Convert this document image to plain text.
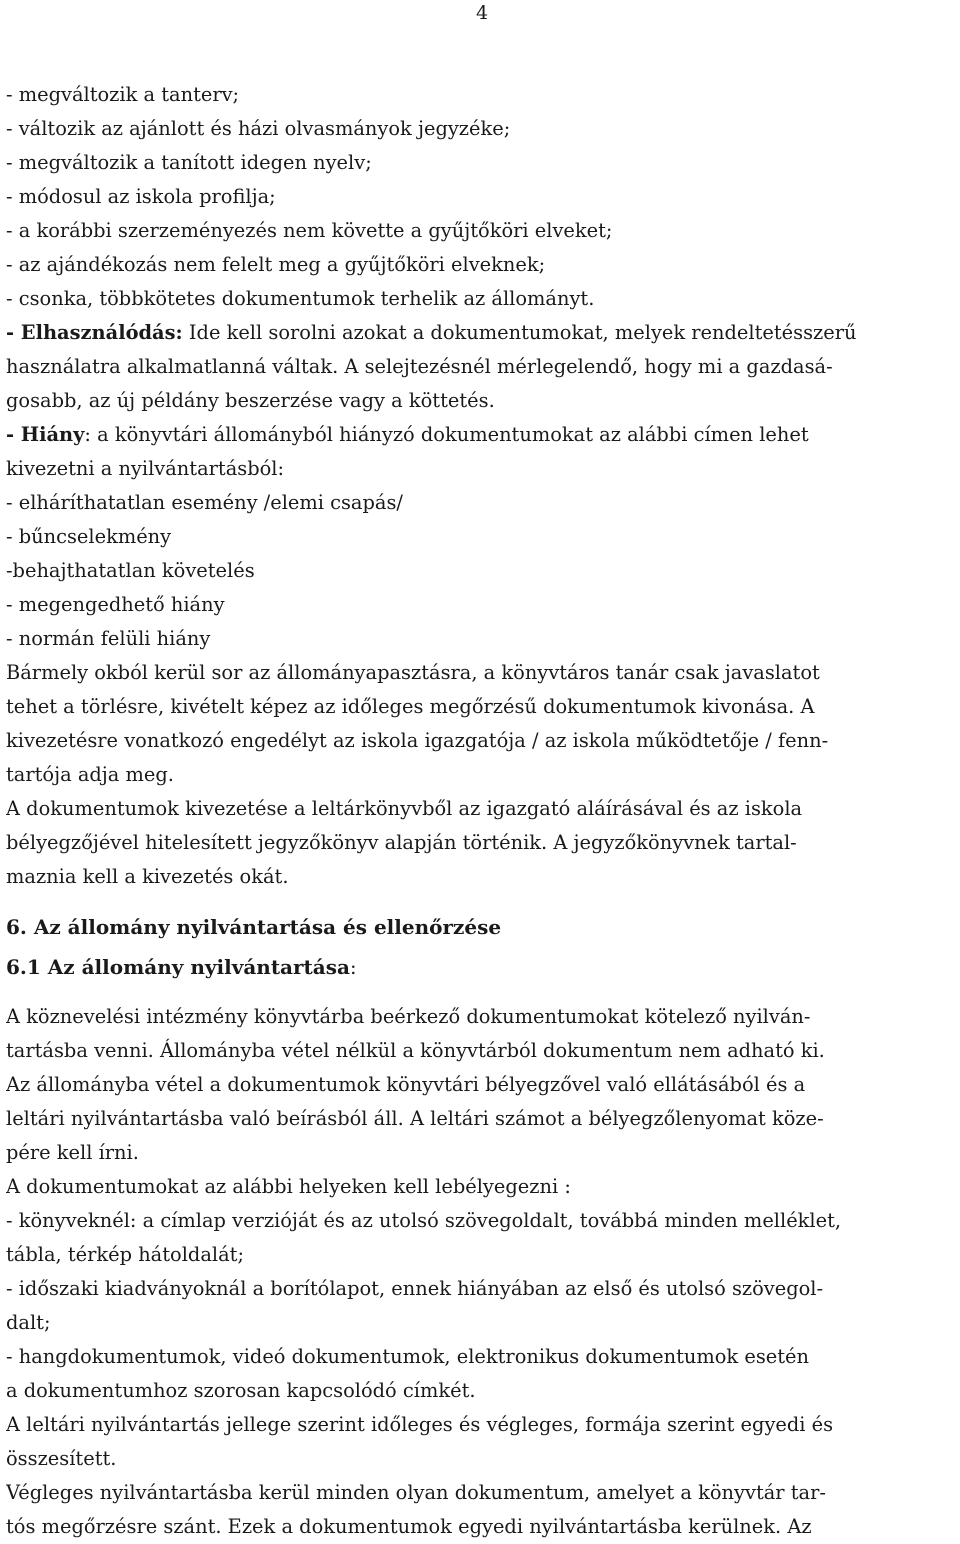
4
- megváltozik a tanterv;
- változik az ajánlott és házi olvasmányok jegyzéke;
- megváltozik a tanított idegen nyelv;
- módosul az iskola profilja;
- a korábbi szerzeményezés nem követte a gyűjtőköri elveket;
- az ajándékozás nem felelt meg a gyűjtőköri elveknek;
- csonka, többkötetes dokumentumok terhelik az állományt.
- Elhasználódás: Ide kell sorolni azokat a dokumentumokat, melyek rendeltetésszerű
használatra alkalmatlanná váltak. A selejtezésnél mérlegelendő, hogy mi a gazdasá-
gosabb, az új példány beszerzése vagy a köttetés.
- Hiány: a könyvtári állományból hiányzó dokumentumokat az alábbi címen lehet
kivezetni a nyilvántartásból:
- elháríthatatlan esemény /elemi csapás/
- bűncselekmény
-behajthatatlan követelés
- megengedhető hiány
- normán felüli hiány
Bármely okból kerül sor az állományapasztásra, a könyvtáros tanár csak javaslatot
tehet a törlésre, kivételt képez az időleges megőrzésű dokumentumok kivonása. A
kivezetésre vonatkozó engedélyt az iskola igazgatója / az iskola működtetője / fenn-
tartója adja meg.
A dokumentumok kivezetése a leltárkönyvből az igazgató aláírásával és az iskola
bélyegzőjével hitelesített jegyzőkönyv alapján történik. A jegyzőkönyvnek tartal-
maznia kell a kivezetés okát.
6. Az állomány nyilvántartása és ellenőrzése
6.1 Az állomány nyilvántartása:
A köznevelési intézmény könyvtárba beérkező dokumentumokat kötelező nyilván-
tartásba venni. Állományba vétel nélkül a könyvtárból dokumentum nem adható ki.
Az állományba vétel a dokumentumok könyvtári bélyegzővel való ellátásából és a
leltári nyilvántartásba való beírásból áll. A leltári számot a bélyegzőlenyomat köze-
pére kell írni.
A dokumentumokat az alábbi helyeken kell lebélyegezni :
- könyveknél: a címlap verzióját és az utolsó szövegoldalt, továbbá minden melléklet,
tábla, térkép hátoldalát;
- időszaki kiadványoknál a borítólapot, ennek hiányában az első és utolsó szövegol-
dalt;
- hangdokumentumok, videó dokumentumok, elektronikus dokumentumok esetén
a dokumentumhoz szorosan kapcsolódó címkét.
A leltári nyilvántartás jellege szerint időleges és végleges, formája szerint egyedi és
összesített.
Végleges nyilvántartásba kerül minden olyan dokumentum, amelyet a könyvtár tar-
tós megőrzésre szánt. Ezek a dokumentumok egyedi nyilvántartásba kerülnek. Az
